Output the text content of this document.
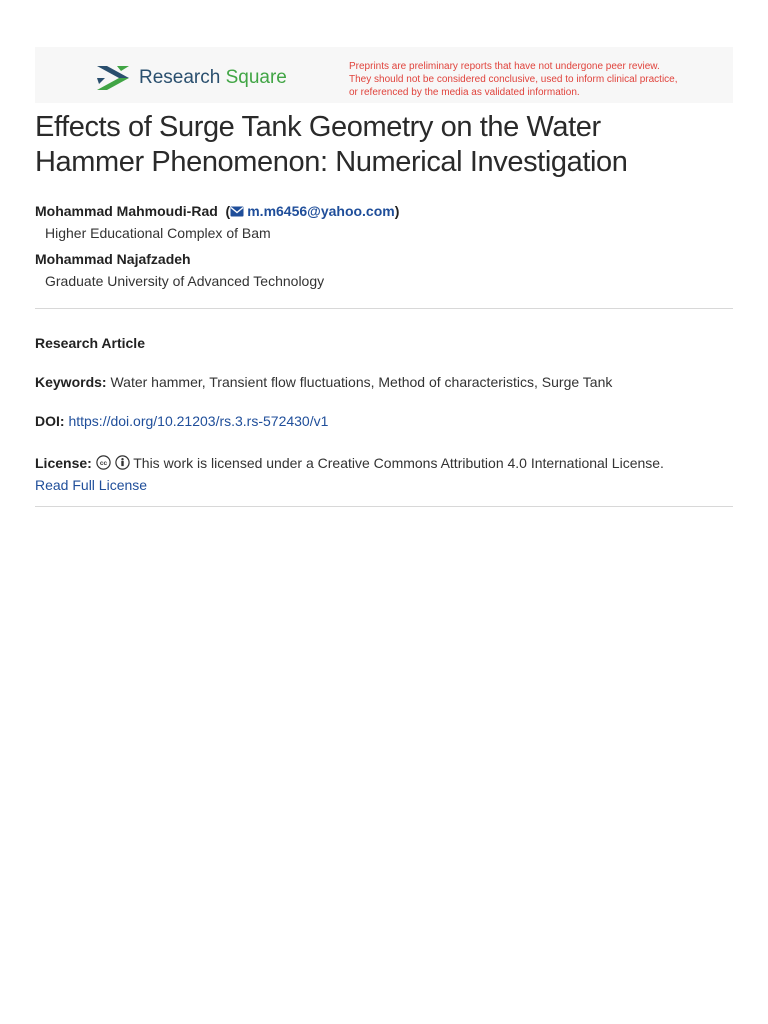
Research Square
Preprints are preliminary reports that have not undergone peer review.
They should not be considered conclusive, used to inform clinical practice,
or referenced by the media as validated information.
Effects of Surge Tank Geometry on the Water
Hammer Phenomenon: Numerical Investigation
Mohammad Mahmoudi-Rad  ( m.m6456@yahoo.com)
Higher Educational Complex of Bam
Mohammad Najafzadeh
Graduate University of Advanced Technology
Research Article
Keywords: Water hammer, Transient flow fluctuations, Method of characteristics, Surge Tank
DOI: https://doi.org/10.21203/rs.3.rs-572430/v1
License: cc This work is licensed under a Creative Commons Attribution 4.0 International License.
Read Full License
